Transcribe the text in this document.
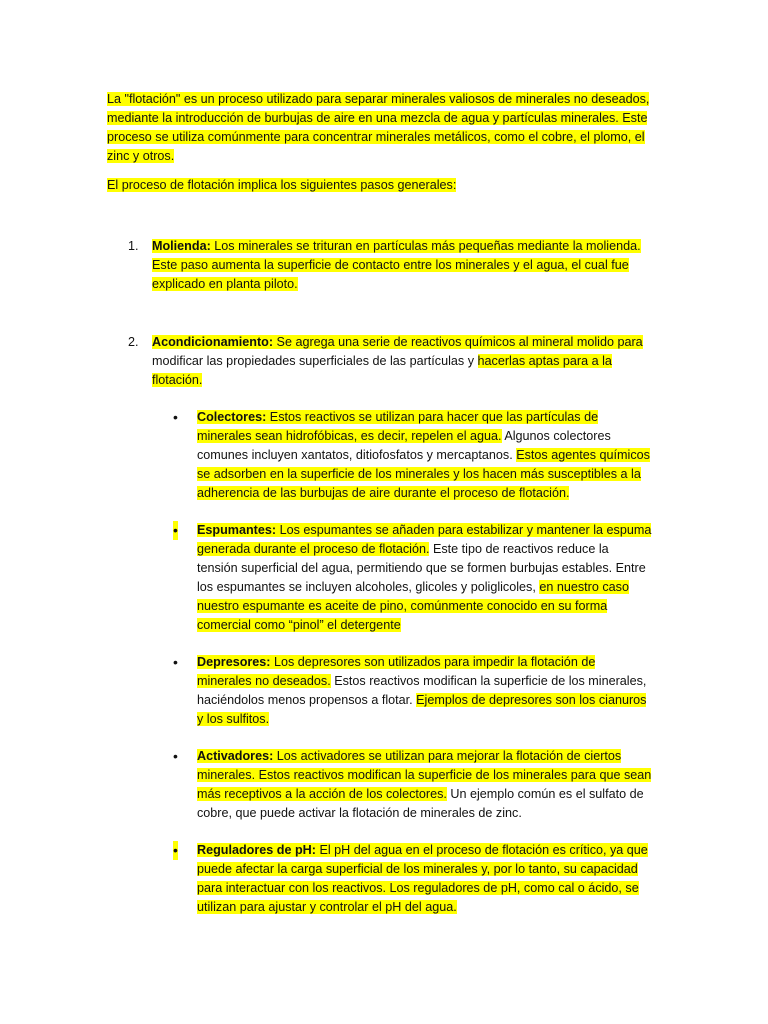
La "flotación" es un proceso utilizado para separar minerales valiosos de minerales no deseados, mediante la introducción de burbujas de aire en una mezcla de agua y partículas minerales. Este proceso se utiliza comúnmente para concentrar minerales metálicos, como el cobre, el plomo, el zinc y otros.

El proceso de flotación implica los siguientes pasos generales:

1. Molienda: Los minerales se trituran en partículas más pequeñas mediante la molienda. Este paso aumenta la superficie de contacto entre los minerales y el agua, el cual fue explicado en planta piloto.

2. Acondicionamiento: Se agrega una serie de reactivos químicos al mineral molido para modificar las propiedades superficiales de las partículas y hacerlas aptas para a la flotación.

• Colectores: Estos reactivos se utilizan para hacer que las partículas de minerales sean hidrofóbicas, es decir, repelen el agua. Algunos colectores comunes incluyen xantatos, ditiofosfatos y mercaptanos. Estos agentes químicos se adsorben en la superficie de los minerales y los hacen más susceptibles a la adherencia de las burbujas de aire durante el proceso de flotación.

• Espumantes: Los espumantes se añaden para estabilizar y mantener la espuma generada durante el proceso de flotación. Este tipo de reactivos reduce la tensión superficial del agua, permitiendo que se formen burbujas estables. Entre los espumantes se incluyen alcoholes, glicoles y poliglicoles, en nuestro caso nuestro espumante es aceite de pino, comúnmente conocido en su forma comercial como “pinol” el detergente

• Depresores: Los depresores son utilizados para impedir la flotación de minerales no deseados. Estos reactivos modifican la superficie de los minerales, haciéndolos menos propensos a flotar. Ejemplos de depresores son los cianuros y los sulfitos.

• Activadores: Los activadores se utilizan para mejorar la flotación de ciertos minerales. Estos reactivos modifican la superficie de los minerales para que sean más receptivos a la acción de los colectores. Un ejemplo común es el sulfato de cobre, que puede activar la flotación de minerales de zinc.

• Reguladores de pH: El pH del agua en el proceso de flotación es crítico, ya que puede afectar la carga superficial de los minerales y, por lo tanto, su capacidad para interactuar con los reactivos. Los reguladores de pH, como cal o ácido, se utilizan para ajustar y controlar el pH del agua.
